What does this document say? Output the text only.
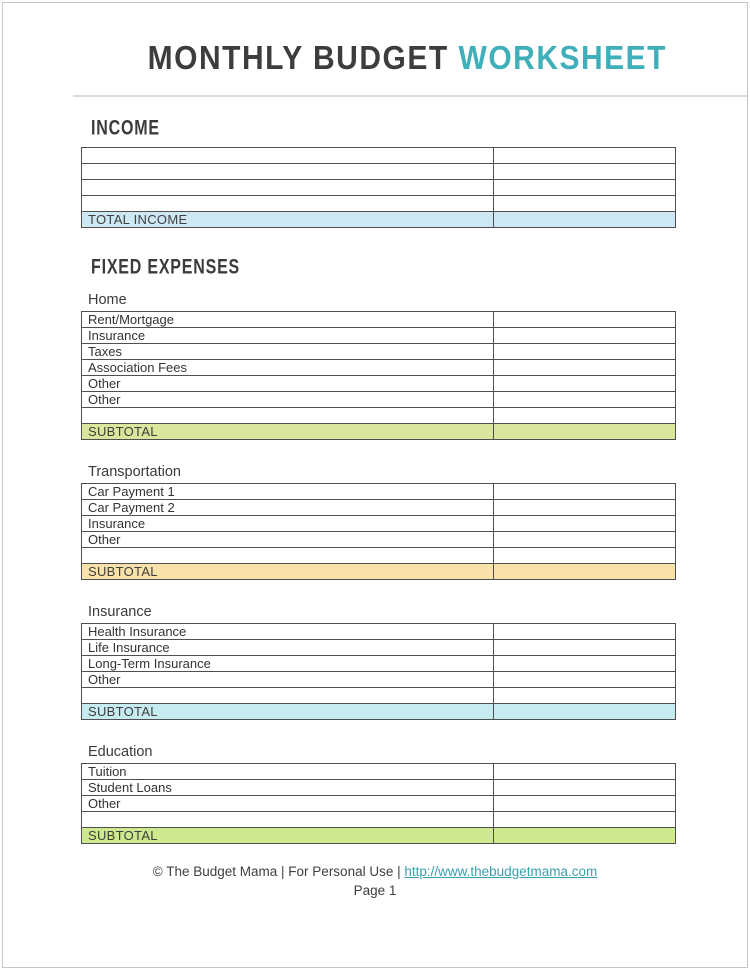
MONTHLY BUDGET WORKSHEET
INCOME

TOTAL INCOME	
FIXED EXPENSES
Home
Rent/Mortgage	
Insurance	
Taxes	
Association Fees	
Other	
Other	

SUBTOTAL	
Transportation
Car Payment 1	
Car Payment 2	
Insurance	
Other	

SUBTOTAL	
Insurance
Health Insurance	
Life Insurance	
Long-Term Insurance	
Other	

SUBTOTAL	
Education
Tuition	
Student Loans	
Other	

SUBTOTAL	
© The Budget Mama | For Personal Use | http://www.thebudgetmama.com
Page 1
